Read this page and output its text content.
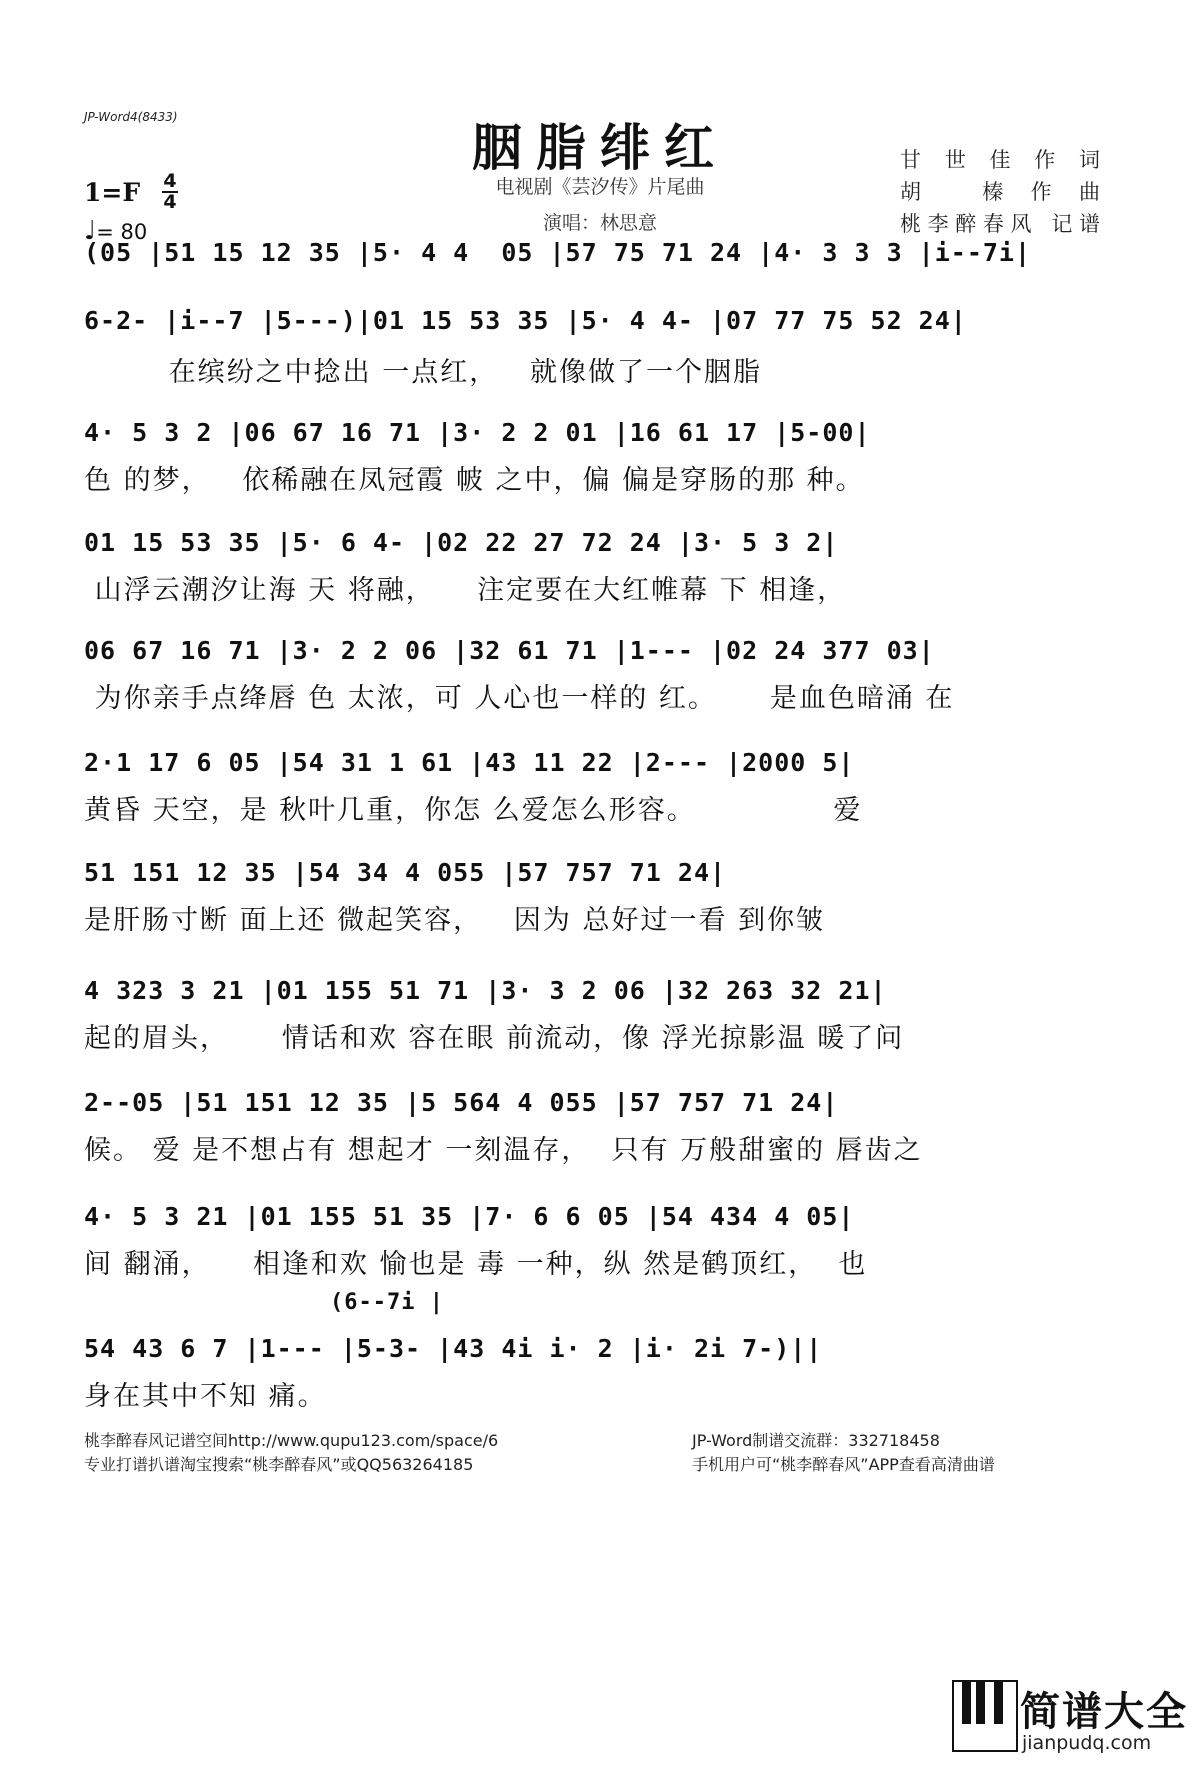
JP-Word4(8433)
胭脂绯红
电视剧《芸汐传》片尾曲
演唱：林思意
甘世佳作词
胡 榛作曲
桃李醉春风 记谱
1=F 4
4
♩= 80
(05 |51 15 12 35 |5· 4 4  05 |57 75 71 24 |4· 3 3 3 |i--7i|
6-2- |i--7 |5---)|01 15 53 35 |5· 4 4- |07 77 75 52 24|
在缤纷之中捻出 一点红，   就像做了一个胭脂
4· 5 3 2 |06 67 16 71 |3· 2 2 01 |16 61 17 |5-00|
色 的梦，   依稀融在凤冠霞 帔 之中，偏 偏是穿肠的那 种。
01 15 53 35 |5· 6 4- |02 22 27 72 24 |3· 5 3 2|
山浮云潮汐让海 天 将融，    注定要在大红帷幕 下 相逢，
06 67 16 71 |3· 2 2 06 |32 61 71 |1--- |02 24 377 03|
为你亲手点绛唇 色 太浓，可 人心也一样的 红。     是血色暗涌 在
2·1 17 6 05 |54 31 1 61 |43 11 22 |2--- |2000 5|
黄昏 天空，是 秋叶几重，你怎 么爱怎么形容。             爱
51 151 12 35 |54 34 4 055 |57 757 71 24|
是肝肠寸断 面上还 微起笑容，   因为 总好过一看 到你皱
4 323 3 21 |01 155 51 71 |3· 3 2 06 |32 263 32 21|
起的眉头，     情话和欢 容在眼 前流动，像 浮光掠影温 暖了问
2--05 |51 151 12 35 |5 564 4 055 |57 757 71 24|
候。 爱 是不想占有 想起才 一刻温存，  只有 万般甜蜜的 唇齿之
4· 5 3 21 |01 155 51 35 |7· 6 6 05 |54 434 4 05|
间 翻涌，    相逢和欢 愉也是 毒 一种，纵 然是鹤顶红，  也
(6--7i |
54 43 6 7 |1--- |5-3- |43 4i i· 2 |i· 2i 7-)||
身在其中不知 痛。
桃李醉春风记谱空间http://www.qupu123.com/space/6
专业打谱扒谱淘宝搜索“桃李醉春风”或QQ563264185
JP-Word制谱交流群：332718458
手机用户可“桃李醉春风”APP查看高清曲谱
简谱大全
jianpudq.com
